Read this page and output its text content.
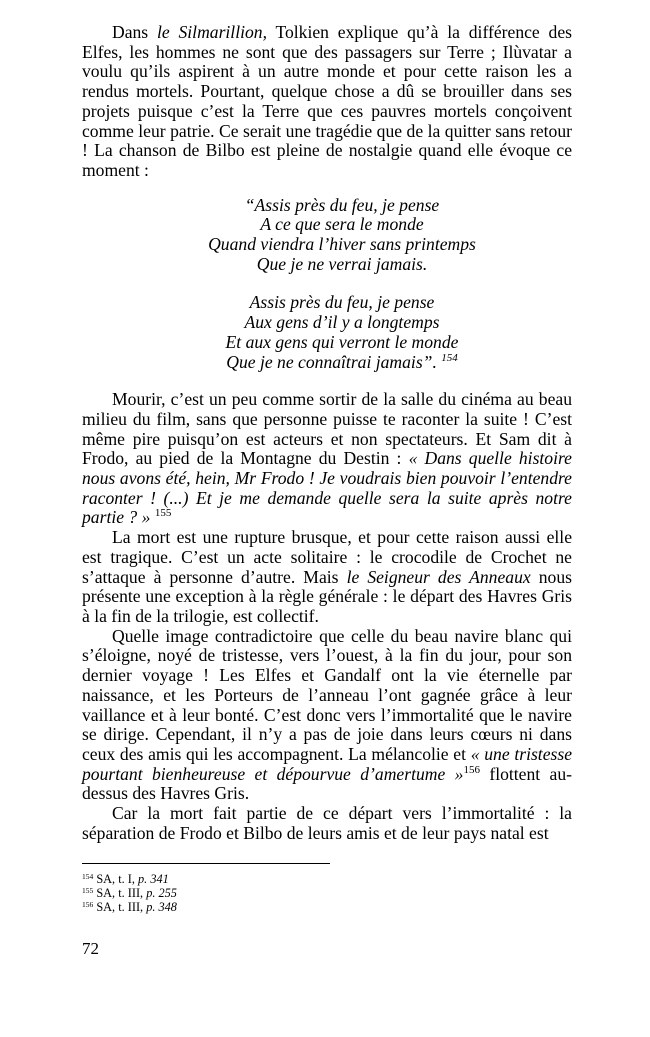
Dans le Silmarillion, Tolkien explique qu’à la différence des Elfes, les hommes ne sont que des passagers sur Terre ; Ilùvatar a voulu qu’ils aspirent à un autre monde et pour cette raison les a rendus mortels. Pourtant, quelque chose a dû se brouiller dans ses projets puisque c’est la Terre que ces pauvres mortels conçoivent comme leur patrie. Ce serait une tragédie que de la quitter sans retour ! La chanson de Bilbo est pleine de nostalgie quand elle évoque ce moment :

“Assis près du feu, je pense
A ce que sera le monde
Quand viendra l’hiver sans printemps
Que je ne verrai jamais.
Assis près du feu, je pense
Aux gens d’il y a longtemps
Et aux gens qui verront le monde
Que je ne connaîtrai jamais”. $^{154}$

Mourir, c’est un peu comme sortir de la salle du cinéma au beau milieu du film, sans que personne puisse te raconter la suite ! C’est même pire puisqu’on est acteurs et non spectateurs. Et Sam dit à Frodo, au pied de la Montagne du Destin : « Dans quelle histoire nous avons été, hein, Mr Frodo ! Je voudrais bien pouvoir l’entendre raconter ! (...) Et je me demande quelle sera la suite après notre partie ? » $^{155}$

La mort est une rupture brusque, et pour cette raison aussi elle est tragique. C’est un acte solitaire : le crocodile de Crochet ne s’attaque à personne d’autre. Mais le Seigneur des Anneaux nous présente une exception à la règle générale : le départ des Havres Gris à la fin de la trilogie, est collectif.

Quelle image contradictoire que celle du beau navire blanc qui s’éloigne, noyé de tristesse, vers l’ouest, à la fin du jour, pour son dernier voyage ! Les Elfes et Gandalf ont la vie éternelle par naissance, et les Porteurs de l’anneau l’ont gagnée grâce à leur vaillance et à leur bonté. C’est donc vers l’immortalité que le navire se dirige. Cependant, il n’y a pas de joie dans leurs cœurs ni dans ceux des amis qui les accompagnent. La mélancolie et « une tristesse pourtant bienheureuse et dépourvue d’amertume »$^{156}$ flottent au-dessus des Havres Gris.

Car la mort fait partie de ce départ vers l’immortalité : la séparation de Frodo et Bilbo de leurs amis et de leur pays natal est

$^{154}$ SA, t. I, p. 341
$^{155}$ SA, t. III, p. 255
$^{156}$ SA, t. III, p. 348
72
